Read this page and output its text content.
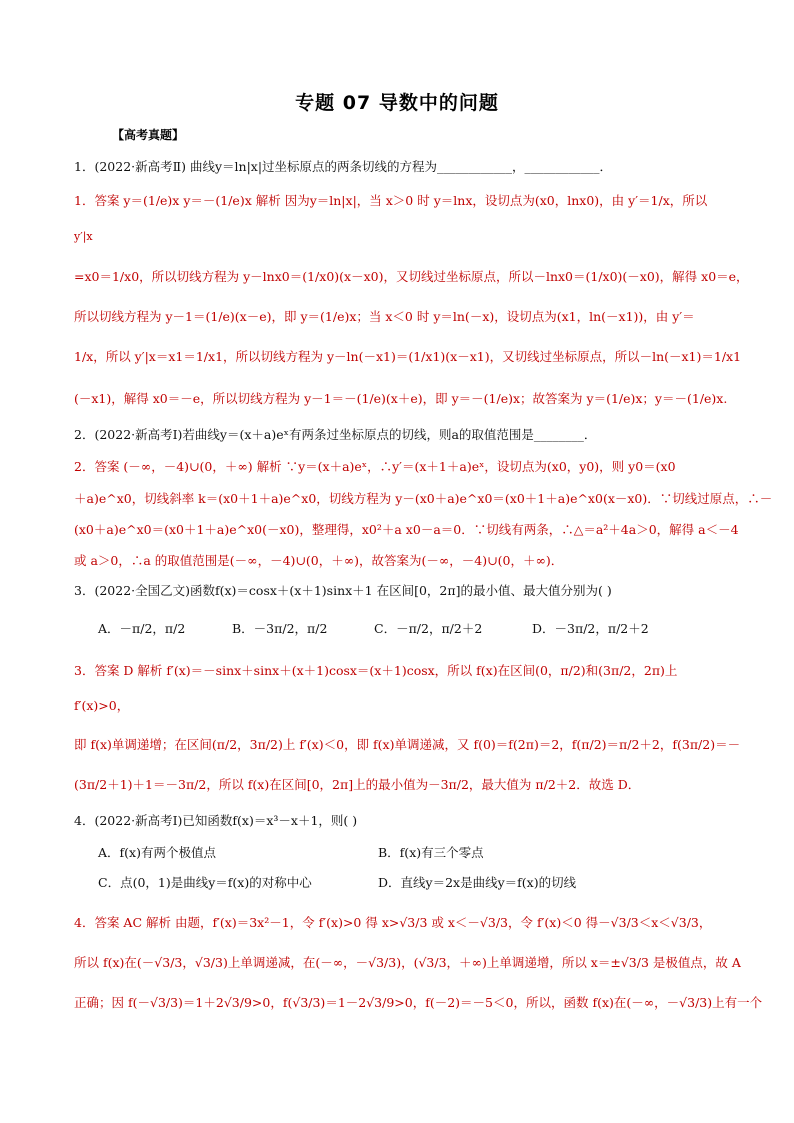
专题 07 导数中的问题
【高考真题】
1．(2022·新高考Ⅱ) 曲线y＝ln|x|过坐标原点的两条切线的方程为____________，____________．
1．答案 y＝(1/e)x y＝－(1/e)x 解析 因为y＝ln|x|，当 x＞0 时 y＝lnx，设切点为(x0，lnx0)，由 y′＝1/x，所以
y′|x
=x0＝1/x0，所以切线方程为 y－lnx0＝(1/x0)(x－x0)，又切线过坐标原点，所以－lnx0＝(1/x0)(－x0)，解得 x0＝e，
所以切线方程为 y－1＝(1/e)(x－e)，即 y＝(1/e)x；当 x＜0 时 y＝ln(－x)，设切点为(x1，ln(－x1))，由 y′＝
1/x，所以 y′|x＝x1＝1/x1，所以切线方程为 y－ln(－x1)＝(1/x1)(x－x1)，又切线过坐标原点，所以－ln(－x1)＝1/x1
(－x1)，解得 x0＝－e，所以切线方程为 y－1＝－(1/e)(x＋e)，即 y＝－(1/e)x；故答案为 y＝(1/e)x；y＝－(1/e)x.
2．(2022·新高考Ⅰ)若曲线y＝(x＋a)eˣ有两条过坐标原点的切线，则a的取值范围是________．
2．答案 (－∞，－4)∪(0，＋∞) 解析 ∵y＝(x＋a)eˣ，∴y′＝(x＋1＋a)eˣ，设切点为(x0，y0)，则 y0＝(x0
＋a)e^x0，切线斜率 k＝(x0＋1＋a)e^x0，切线方程为 y－(x0＋a)e^x0＝(x0＋1＋a)e^x0(x－x0)．∵切线过原点，∴－
(x0＋a)e^x0＝(x0＋1＋a)e^x0(－x0)，整理得，x0²＋a x0－a＝0．∵切线有两条，∴△＝a²＋4a＞0，解得 a＜－4
或 a＞0，∴a 的取值范围是(－∞，－4)∪(0，＋∞)，故答案为(－∞，－4)∪(0，＋∞)．
3．(2022·全国乙文)函数f(x)＝cosx＋(x＋1)sinx＋1 在区间[0，2π]的最小值、最大值分别为( )
A．－π/2，π/2	B．－3π/2，π/2	C．－π/2，π/2＋2	D．－3π/2，π/2＋2
3．答案 D 解析 f′(x)＝－sinx＋sinx＋(x＋1)cosx＝(x＋1)cosx，所以 f(x)在区间(0，π/2)和(3π/2，2π)上
f′(x)>0，
即 f(x)单调递增；在区间(π/2，3π/2)上 f′(x)＜0，即 f(x)单调递减，又 f(0)＝f(2π)＝2，f(π/2)＝π/2＋2，f(3π/2)＝－
(3π/2＋1)＋1＝－3π/2，所以 f(x)在区间[0，2π]上的最小值为－3π/2，最大值为 π/2＋2．故选 D．
4．(2022·新高考Ⅰ)已知函数f(x)＝x³－x＋1，则( )
A．f(x)有两个极值点	B．f(x)有三个零点
C．点(0，1)是曲线y＝f(x)的对称中心	D．直线y＝2x是曲线y＝f(x)的切线
4．答案 AC 解析 由题，f′(x)＝3x²－1，令 f′(x)>0 得 x>√3/3 或 x＜－√3/3，令 f′(x)＜0 得－√3/3＜x＜√3/3，
所以 f(x)在(－√3/3，√3/3)上单调递减，在(－∞，－√3/3)，(√3/3，＋∞)上单调递增，所以 x＝±√3/3 是极值点，故 A
正确；因 f(－√3/3)＝1＋2√3/9>0，f(√3/3)＝1－2√3/9>0，f(－2)＝－5＜0，所以，函数 f(x)在(－∞，－√3/3)上有一个
